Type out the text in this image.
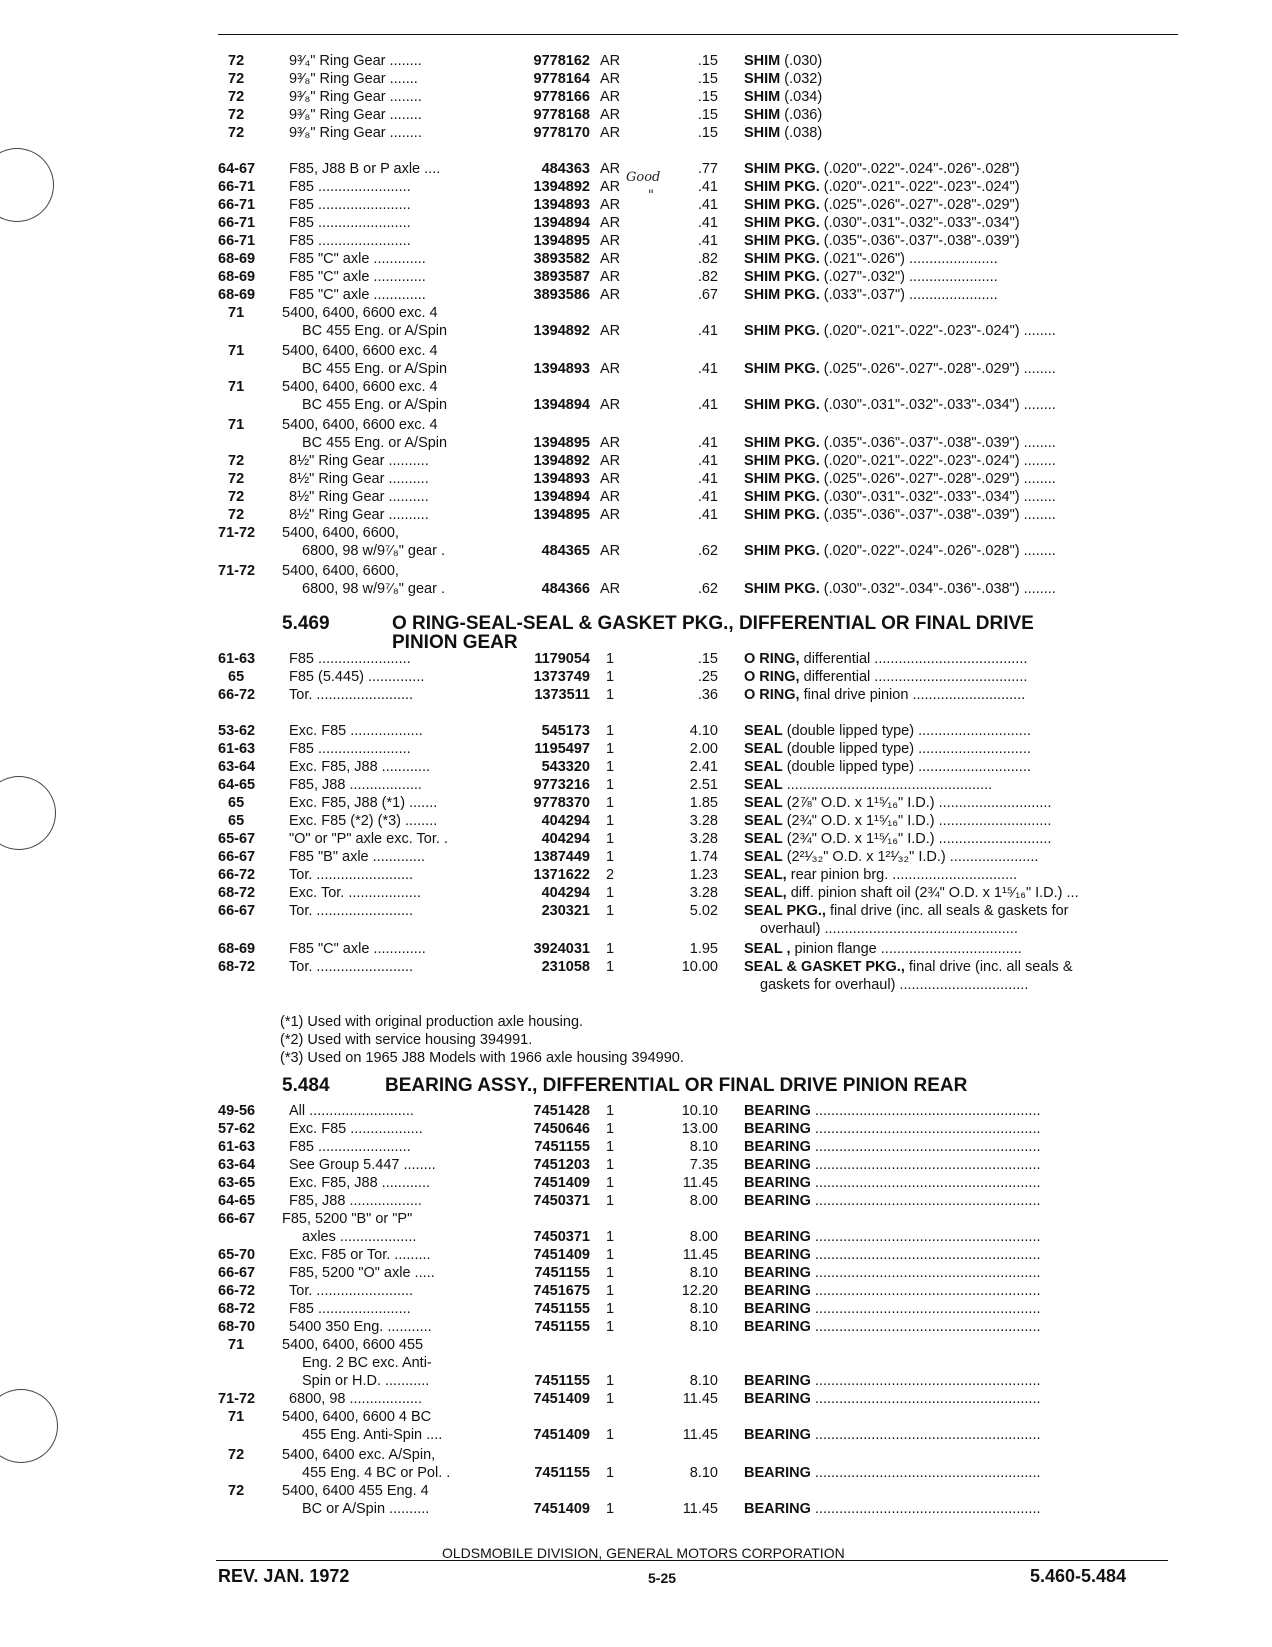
72	9³⁄₄" Ring Gear ........	9778162 AR	.15 SHIM (.030)
72	9³⁄₈" Ring Gear .......	9778164 AR	.15 SHIM (.032)
72	9³⁄₈" Ring Gear ........	9778166 AR	.15 SHIM (.034)
72	9³⁄₈" Ring Gear ........	9778168 AR	.15 SHIM (.036)
72	9³⁄₈" Ring Gear ........	9778170 AR	.15 SHIM (.038)
64-67 F85, J88 B or P axle ....	484363 AR	.77 SHIM PKG. (.020"-.022"-.024"-.026"-.028")
66-71 F85 .......................	1394892 AR	.41 SHIM PKG. (.020"-.021"-.022"-.023"-.024")
66-71 F85 .......................	1394893 AR	.41 SHIM PKG. (.025"-.026"-.027"-.028"-.029")
66-71 F85 .......................	1394894 AR	.41 SHIM PKG. (.030"-.031"-.032"-.033"-.034")
66-71 F85 .......................	1394895 AR	.41 SHIM PKG. (.035"-.036"-.037"-.038"-.039")
68-69 F85 "C" axle .............	3893582 AR	.82 SHIM PKG. (.021"-.026") ......................
68-69 F85 "C" axle .............	3893587 AR	.82 SHIM PKG. (.027"-.032") ......................
68-69 F85 "C" axle .............	3893586 AR	.67 SHIM PKG. (.033"-.037") ......................
71	5400, 6400, 6600 exc. 4
BC 455 Eng. or A/Spin	1394892 AR	.41 SHIM PKG. (.020"-.021"-.022"-.023"-.024") ........
71	5400, 6400, 6600 exc. 4
BC 455 Eng. or A/Spin	1394893 AR	.41 SHIM PKG. (.025"-.026"-.027"-.028"-.029") ........
71	5400, 6400, 6600 exc. 4
BC 455 Eng. or A/Spin	1394894 AR	.41 SHIM PKG. (.030"-.031"-.032"-.033"-.034") ........
71	5400, 6400, 6600 exc. 4
BC 455 Eng. or A/Spin	1394895 AR	.41 SHIM PKG. (.035"-.036"-.037"-.038"-.039") ........
72	8½" Ring Gear ..........	1394892 AR	.41 SHIM PKG. (.020"-.021"-.022"-.023"-.024") ........
72	8½" Ring Gear ..........	1394893 AR	.41 SHIM PKG. (.025"-.026"-.027"-.028"-.029") ........
72	8½" Ring Gear ..........	1394894 AR	.41 SHIM PKG. (.030"-.031"-.032"-.033"-.034") ........
72	8½" Ring Gear ..........	1394895 AR	.41 SHIM PKG. (.035"-.036"-.037"-.038"-.039") ........
71-72 5400, 6400, 6600,
6800, 98 w/9⁷⁄₈" gear .	484365 AR	.62 SHIM PKG. (.020"-.022"-.024"-.026"-.028") ........
71-72 5400, 6400, 6600,
6800, 98 w/9⁷⁄₈" gear .	484366 AR	.62 SHIM PKG. (.030"-.032"-.034"-.036"-.038") ........
61-63 F85 .......................	1179054 1	.15 O RING, differential ......................................
65	F85 (5.445) ..............	1373749 1	.25 O RING, differential ......................................
66-72 Tor. ........................	1373511 1	.36 O RING, final drive pinion ............................
53-62 Exc. F85 ..................	545173 1	4.10 SEAL (double lipped type) ............................
61-63 F85 .......................	1195497 1	2.00 SEAL (double lipped type) ............................
63-64 Exc. F85, J88 ............	543320 1	2.41 SEAL (double lipped type) ............................
64-65 F85, J88 ..................	9773216 1	2.51 SEAL ...................................................
65	Exc. F85, J88 (*1) .......	9778370 1	1.85 SEAL (2⅞" O.D. x 1¹⁵⁄₁₆" I.D.) ............................
65	Exc. F85 (*2) (*3) ........	404294 1	3.28 SEAL (2¾" O.D. x 1¹⁵⁄₁₆" I.D.) ............................
65-67 "O" or "P" axle exc. Tor. .	404294 1	3.28 SEAL (2¾" O.D. x 1¹⁵⁄₁₆" I.D.) ............................
66-67 F85 "B" axle .............	1387449 1	1.74 SEAL (2²¹⁄₃₂" O.D. x 1²¹⁄₃₂" I.D.) ......................
66-72 Tor. ........................	1371622 2	1.23 SEAL, rear pinion brg. ...............................
68-72 Exc. Tor. ..................	404294 1	3.28 SEAL, diff. pinion shaft oil (2¾" O.D. x 1¹⁵⁄₁₆" I.D.) ...
66-67 Tor. ........................	230321 1	5.02 SEAL PKG., final drive (inc. all seals & gaskets for
overhaul) ................................................
68-69 F85 "C" axle .............	3924031 1	1.95 SEAL , pinion flange ...................................
68-72 Tor. ........................	231058 1	10.00 SEAL & GASKET PKG., final drive (inc. all seals &
gaskets for overhaul) ................................
49-56 All ..........................	7451428 1	10.10 BEARING ........................................................
57-62 Exc. F85 ..................	7450646 1	13.00 BEARING ........................................................
61-63 F85 .......................	7451155 1	8.10 BEARING ........................................................
63-64 See Group 5.447 ........	7451203 1	7.35 BEARING ........................................................
63-65 Exc. F85, J88 ............	7451409 1	11.45 BEARING ........................................................
64-65 F85, J88 ..................	7450371 1	8.00 BEARING ........................................................
66-67 F85, 5200 "B" or "P"
axles ...................	7450371 1	8.00 BEARING ........................................................
65-70 Exc. F85 or Tor. .........	7451409 1	11.45 BEARING ........................................................
66-67 F85, 5200 "O" axle .....	7451155 1	8.10 BEARING ........................................................
66-72 Tor. ........................	7451675 1	12.20 BEARING ........................................................
68-72 F85 .......................	7451155 1	8.10 BEARING ........................................................
68-70 5400 350 Eng. ...........	7451155 1	8.10 BEARING ........................................................
71	5400, 6400, 6600 455
Eng. 2 BC exc. Anti-
Spin or H.D. ...........	7451155 1	8.10 BEARING ........................................................
71-72 6800, 98 ..................	7451409 1	11.45 BEARING ........................................................
71	5400, 6400, 6600 4 BC
455 Eng. Anti-Spin ....	7451409 1	11.45 BEARING ........................................................
72	5400, 6400 exc. A/Spin,
455 Eng. 4 BC or Pol. .	7451155 1	8.10 BEARING ........................................................
72	5400, 6400 455 Eng. 4
BC or A/Spin ..........	7451409 1	11.45 BEARING ........................................................
5.469	O RING-SEAL-SEAL & GASKET PKG., DIFFERENTIAL OR FINAL DRIVE
PINION GEAR
(*1) Used with original production axle housing.
(*2) Used with service housing 394991.
(*3) Used on 1965 J88 Models with 1966 axle housing 394990.
5.484	BEARING ASSY., DIFFERENTIAL OR FINAL DRIVE PINION REAR
OLDSMOBILE DIVISION, GENERAL MOTORS CORPORATION
REV. JAN. 1972	5-25	5.460-5.484
Good
"
